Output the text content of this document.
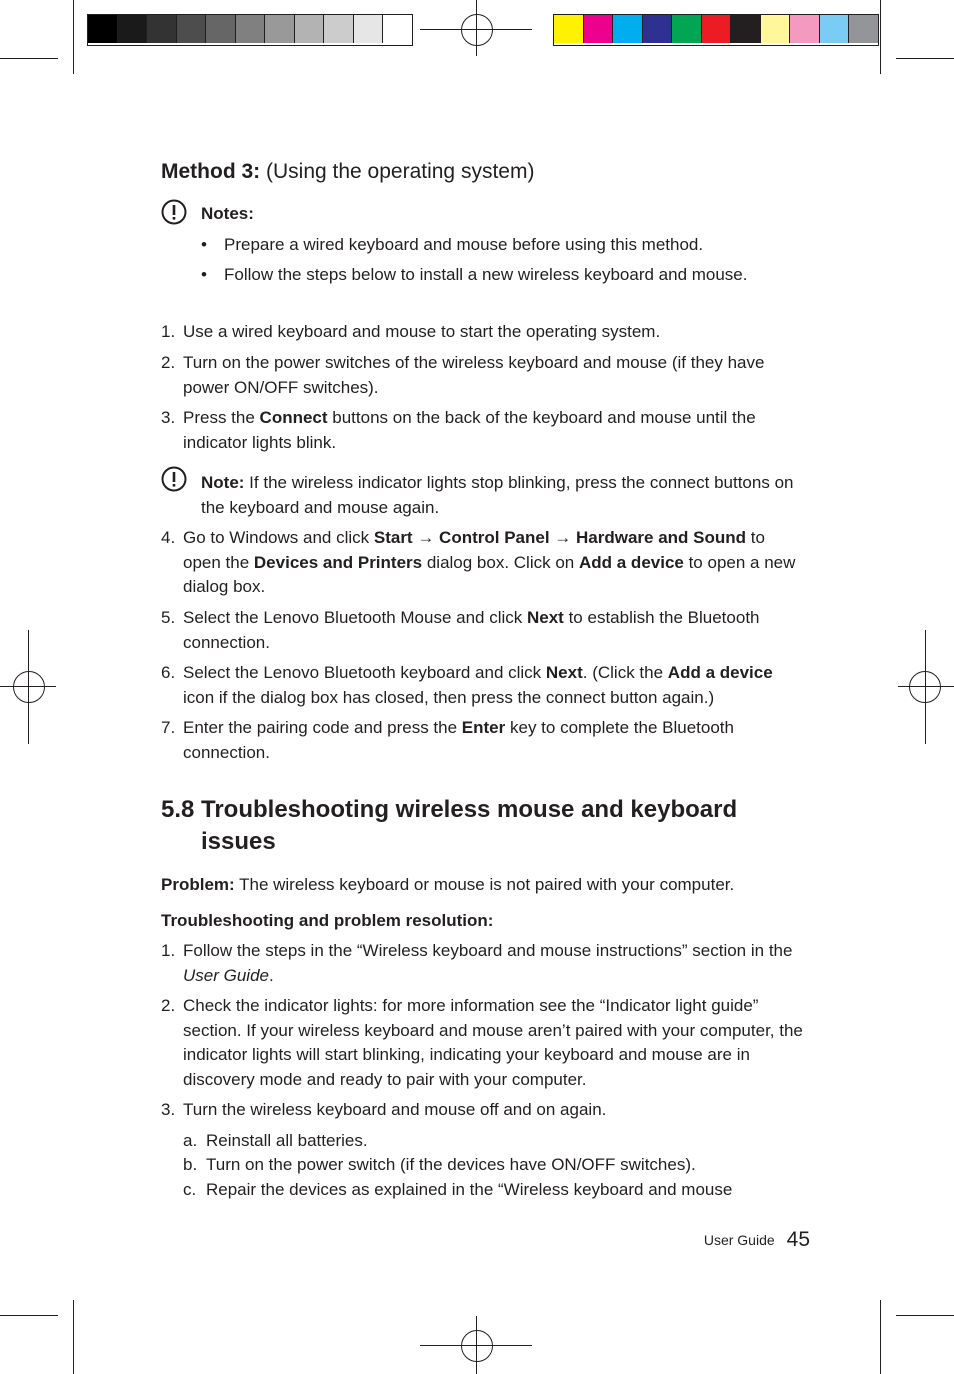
Method 3: (Using the operating system)
Notes:
• Prepare a wired keyboard and mouse before using this method.
• Follow the steps below to install a new wireless keyboard and mouse.
1. Use a wired keyboard and mouse to start the operating system.
2. Turn on the power switches of the wireless keyboard and mouse (if they have power ON/OFF switches).
3. Press the Connect buttons on the back of the keyboard and mouse until the indicator lights blink.
Note: If the wireless indicator lights stop blinking, press the connect buttons on the keyboard and mouse again.
4. Go to Windows and click Start → Control Panel → Hardware and Sound to open the Devices and Printers dialog box. Click on Add a device to open a new dialog box.
5. Select the Lenovo Bluetooth Mouse and click Next to establish the Bluetooth connection.
6. Select the Lenovo Bluetooth keyboard and click Next. (Click the Add a device icon if the dialog box has closed, then press the connect button again.)
7. Enter the pairing code and press the Enter key to complete the Bluetooth connection.
5.8 Troubleshooting wireless mouse and keyboard
issues
Problem: The wireless keyboard or mouse is not paired with your computer.
Troubleshooting and problem resolution:
1. Follow the steps in the “Wireless keyboard and mouse instructions” section in the User Guide.
2. Check the indicator lights: for more information see the “Indicator light guide” section. If your wireless keyboard and mouse aren’t paired with your computer, the indicator lights will start blinking, indicating your keyboard and mouse are in discovery mode and ready to pair with your computer.
3. Turn the wireless keyboard and mouse off and on again.
a. Reinstall all batteries.
b. Turn on the power switch (if the devices have ON/OFF switches).
c. Repair the devices as explained in the “Wireless keyboard and mouse
User Guide 45
